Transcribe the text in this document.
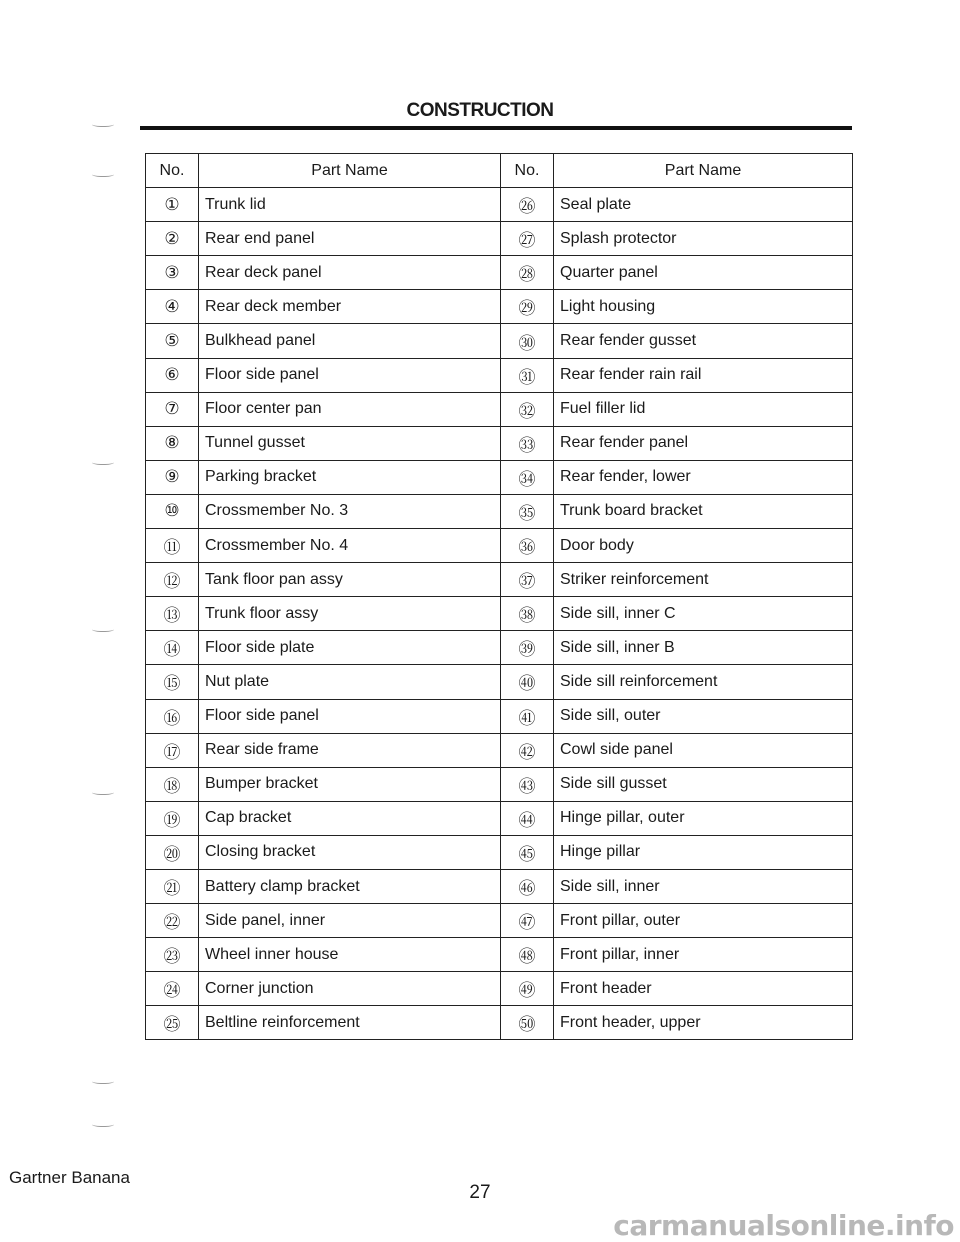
CONSTRUCTION
No.	Part Name	No.	Part Name
①	Trunk lid	㉖	Seal plate
②	Rear end panel	㉗	Splash protector
③	Rear deck panel	㉘	Quarter panel
④	Rear deck member	㉙	Light housing
⑤	Bulkhead panel	㉚	Rear fender gusset
⑥	Floor side panel	㉛	Rear fender rain rail
⑦	Floor center pan	㉜	Fuel filler lid
⑧	Tunnel gusset	㉝	Rear fender panel
⑨	Parking bracket	㉞	Rear fender, lower
⑩	Crossmember No. 3	㉟	Trunk board bracket
⑪	Crossmember No. 4	㊱	Door body
⑫	Tank floor pan assy	㊲	Striker reinforcement
⑬	Trunk floor assy	㊳	Side sill, inner C
⑭	Floor side plate	㊴	Side sill, inner B
⑮	Nut plate	㊵	Side sill reinforcement
⑯	Floor side panel	㊶	Side sill, outer
⑰	Rear side frame	㊷	Cowl side panel
⑱	Bumper bracket	㊸	Side sill gusset
⑲	Cap bracket	㊹	Hinge pillar, outer
⑳	Closing bracket	㊺	Hinge pillar
㉑	Battery clamp bracket	㊻	Side sill, inner
㉒	Side panel, inner	㊼	Front pillar, outer
㉓	Wheel inner house	㊽	Front pillar, inner
㉔	Corner junction	㊾	Front header
㉕	Beltline reinforcement	㊿	Front header, upper
Gartner Banana
27
carmanualsonline.info
